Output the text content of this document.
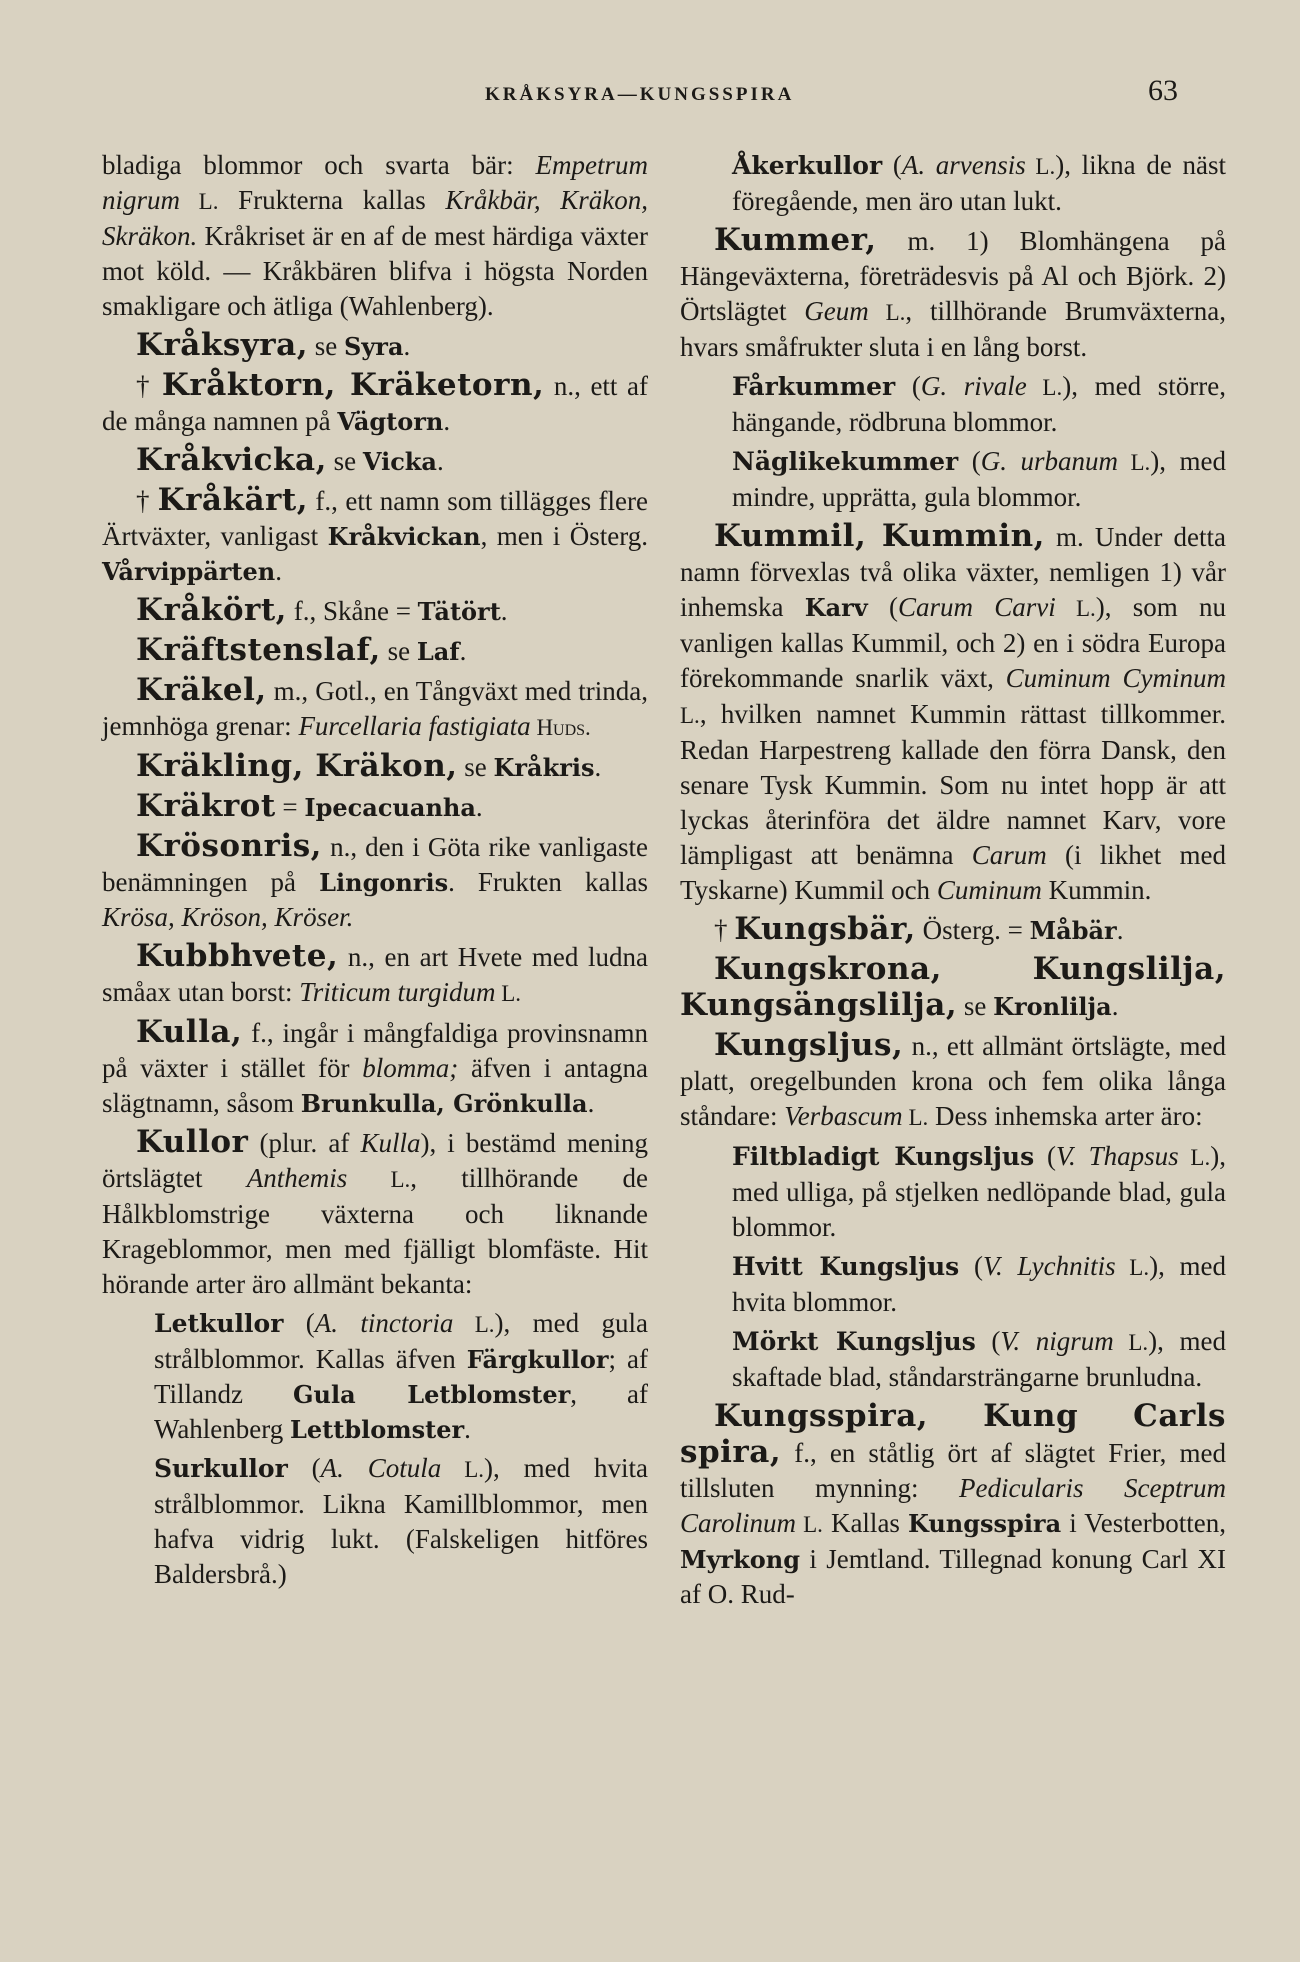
KRÅKSYRA—KUNGSSPIRA	63

bladiga blommor och svarta bär: Empetrum nigrum L. Frukterna kallas Kråkbär, Kräkon, Skräkon. Kråkriset är en af de mest härdiga växter mot köld. — Kråkbären blifva i högsta Norden smakligare och ätliga (Wahlenberg).

Kråksyra, se Syra.

† Kråktorn, Kräketorn, n., ett af de många namnen på Vägtorn.

Kråkvicka, se Vicka.

† Kråkärt, f., ett namn som tillägges flere Ärtväxter, vanligast Kråkvickan, men i Österg. Vårvippärten.

Kråkört, f., Skåne = Tätört.

Kräftstenslaf, se Laf.

Kräkel, m., Gotl., en Tångväxt med trinda, jemnhöga grenar: Furcellaria fastigiata Huds.

Kräkling, Kräkon, se Kråkris.

Kräkrot = Ipecacuanha.

Krösonris, n., den i Göta rike vanligaste benämningen på Lingonris. Frukten kallas Krösa, Kröson, Kröser.

Kubbhvete, n., en art Hvete med ludna småax utan borst: Triticum turgidum L.

Kulla, f., ingår i mångfaldiga provinsnamn på växter i stället för blomma; äfven i antagna slägtnamn, såsom Brunkulla, Grönkulla.

Kullor (plur. af Kulla), i bestämd mening örtslägtet Anthemis L., tillhörande de Hålkblomstrige växterna och liknande Krageblommor, men med fjälligt blomfäste. Hit hörande arter äro allmänt bekanta:

Letkullor (A. tinctoria L.), med gula strålblommor. Kallas äfven Färgkullor; af Tillandz Gula Letblomster, af Wahlenberg Lettblomster.

Surkullor (A. Cotula L.), med hvita strålblommor. Likna Kamillblommor, men hafva vidrig lukt. (Falskeligen hitföres Baldersbrå.)

Åkerkullor (A. arvensis L.), likna de näst föregående, men äro utan lukt.

Kummer, m. 1) Blomhängena på Hängeväxterna, företrädesvis på Al och Björk. 2) Örtslägtet Geum L., tillhörande Brumväxterna, hvars småfrukter sluta i en lång borst.

Fårkummer (G. rivale L.), med större, hängande, rödbruna blommor.

Näglikekummer (G. urbanum L.), med mindre, upprätta, gula blommor.

Kummil, Kummin, m. Under detta namn förvexlas två olika växter, nemligen 1) vår inhemska Karv (Carum Carvi L.), som nu vanligen kallas Kummil, och 2) en i södra Europa förekommande snarlik växt, Cuminum Cyminum L., hvilken namnet Kummin rättast tillkommer. Redan Harpestreng kallade den förra Dansk, den senare Tysk Kummin. Som nu intet hopp är att lyckas återinföra det äldre namnet Karv, vore lämpligast att benämna Carum (i likhet med Tyskarne) Kummil och Cuminum Kummin.

† Kungsbär, Österg. = Måbär.

Kungskrona, Kungslilja, Kungsängslilja, se Kronlilja.

Kungsljus, n., ett allmänt örtslägte, med platt, oregelbunden krona och fem olika långa ståndare: Verbascum L. Dess inhemska arter äro:

Filtbladigt Kungsljus (V. Thapsus L.), med ulliga, på stjelken nedlöpande blad, gula blommor.

Hvitt Kungsljus (V. Lychnitis L.), med hvita blommor.

Mörkt Kungsljus (V. nigrum L.), med skaftade blad, ståndarsträngarne brunludna.

Kungsspira, Kung Carls spira, f., en ståtlig ört af slägtet Frier, med tillsluten mynning: Pedicularis Sceptrum Carolinum L. Kallas Kungsspira i Vesterbotten, Myrkong i Jemtland. Tillegnad konung Carl XI af O. Rud-
